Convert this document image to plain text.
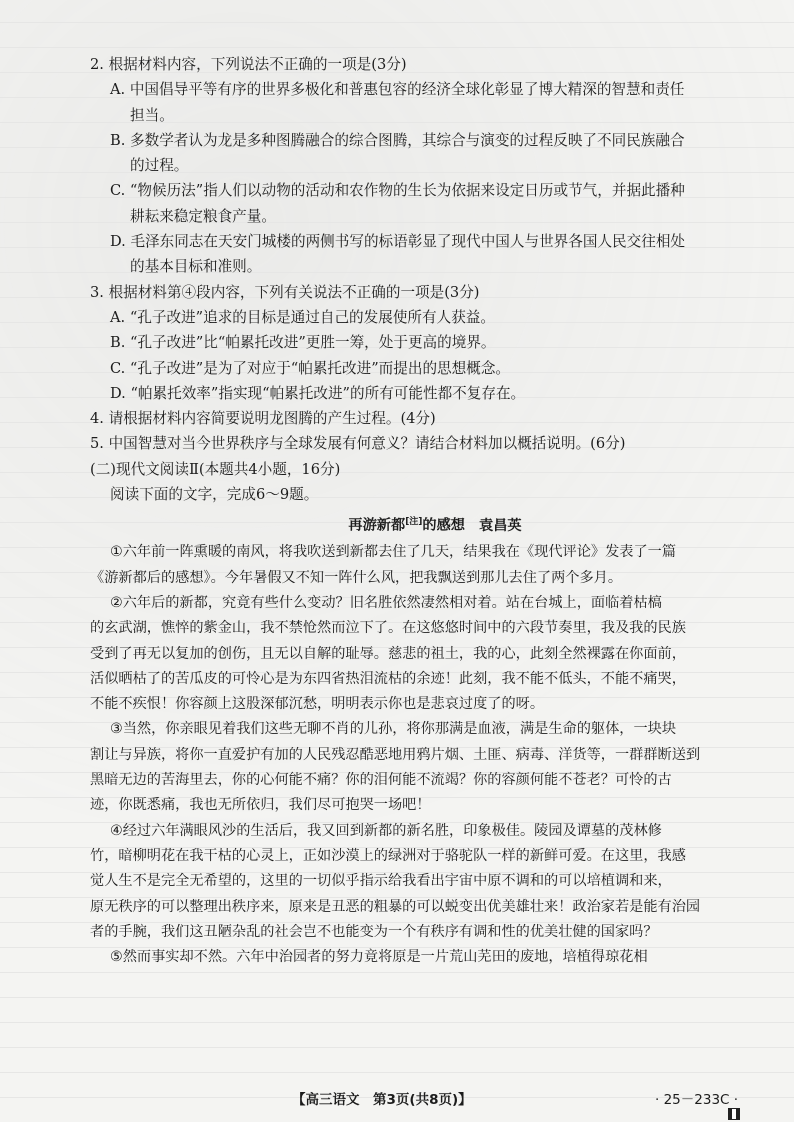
2. 根据材料内容，下列说法不正确的一项是(3分)
A. 中国倡导平等有序的世界多极化和普惠包容的经济全球化彰显了博大精深的智慧和责任
担当。
B. 多数学者认为龙是多种图腾融合的综合图腾，其综合与演变的过程反映了不同民族融合
的过程。
C. “物候历法”指人们以动物的活动和农作物的生长为依据来设定日历或节气，并据此播种
耕耘来稳定粮食产量。
D. 毛泽东同志在天安门城楼的两侧书写的标语彰显了现代中国人与世界各国人民交往相处
的基本目标和准则。
3. 根据材料第④段内容，下列有关说法不正确的一项是(3分)
A. “孔子改进”追求的目标是通过自己的发展使所有人获益。
B. “孔子改进”比“帕累托改进”更胜一筹，处于更高的境界。
C. “孔子改进”是为了对应于“帕累托改进”而提出的思想概念。
D. “帕累托效率”指实现“帕累托改进”的所有可能性都不复存在。
4. 请根据材料内容简要说明龙图腾的产生过程。(4分)
5. 中国智慧对当今世界秩序与全球发展有何意义？请结合材料加以概括说明。(6分)
(二)现代文阅读Ⅱ(本题共4小题，16分)
阅读下面的文字，完成6～9题。
再游新都[注]的感想 袁昌英
①六年前一阵熏暖的南风，将我吹送到新都去住了几天，结果我在《现代评论》发表了一篇
《游新都后的感想》。今年暑假又不知一阵什么风，把我飘送到那儿去住了两个多月。
②六年后的新都，究竟有些什么变动？旧名胜依然凄然相对着。站在台城上，面临着枯槁
的玄武湖，憔悴的紫金山，我不禁怆然而泣下了。在这悠悠时间中的六段节奏里，我及我的民族
受到了再无以复加的创伤，且无以自解的耻辱。慈悲的祖土，我的心，此刻全然裸露在你面前，
活似晒枯了的苦瓜皮的可怜心是为东四省热泪流枯的余迹！此刻，我不能不低头，不能不痛哭，
不能不疾恨！你容颜上这股深郁沉愁，明明表示你也是悲哀过度了的呀。
③当然，你亲眼见着我们这些无聊不肖的儿孙，将你那满是血液，满是生命的躯体，一块块
割让与异族，将你一直爱护有加的人民残忍酷恶地用鸦片烟、土匪、病毒、洋货等，一群群断送到
黑暗无边的苦海里去，你的心何能不痛？你的泪何能不流竭？你的容颜何能不苍老？可怜的古
迹，你既悉痛，我也无所依归，我们尽可抱哭一场吧！
④经过六年满眼风沙的生活后，我又回到新都的新名胜，印象极佳。陵园及谭墓的茂林修
竹，暗柳明花在我干枯的心灵上，正如沙漠上的绿洲对于骆驼队一样的新鲜可爱。在这里，我感
觉人生不是完全无希望的，这里的一切似乎指示给我看出宇宙中原不调和的可以培植调和来，
原无秩序的可以整理出秩序来，原来是丑恶的粗暴的可以蜕变出优美雄壮来！政治家若是能有治园
者的手腕，我们这丑陋杂乱的社会岂不也能变为一个有秩序有调和性的优美壮健的国家吗？
⑤然而事实却不然。六年中治园者的努力竟将原是一片荒山芜田的废地，培植得琼花相
【高三语文　第3页(共8页)】	· 25－233C ·
